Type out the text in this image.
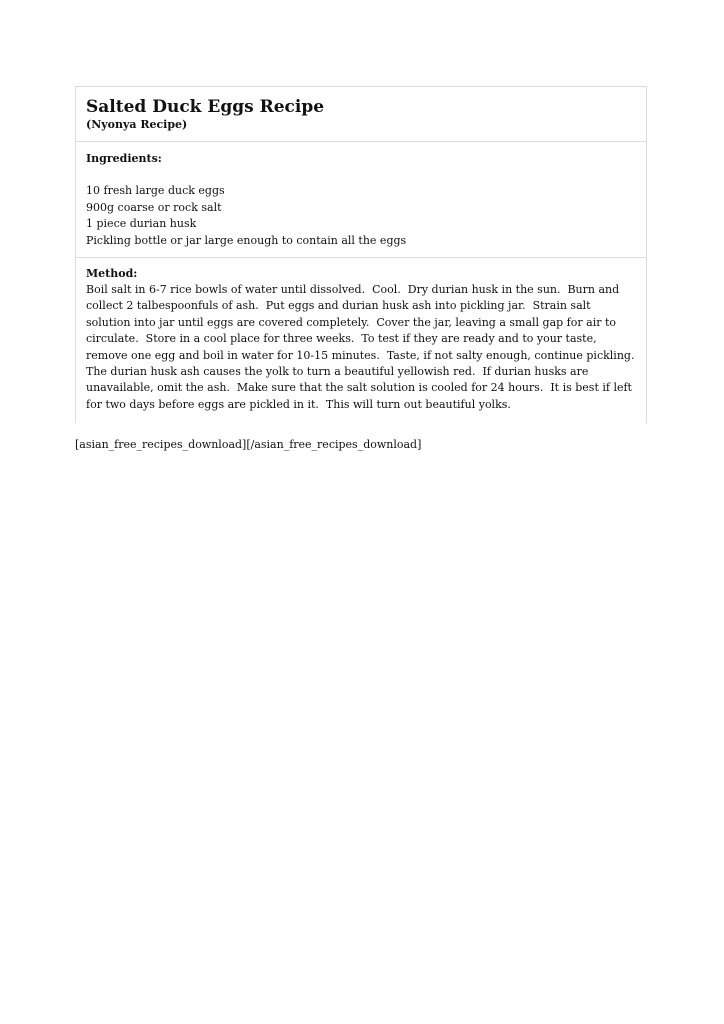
Salted Duck Eggs Recipe
(Nyonya Recipe)
Ingredients:
10 fresh large duck eggs
900g coarse or rock salt
1 piece durian husk
Pickling bottle or jar large enough to contain all the eggs
Method:

Boil salt in 6-7 rice bowls of water until dissolved.  Cool.  Dry durian husk in the sun.  Burn and collect 2 talbespoonfuls of ash.  Put eggs and durian husk ash into pickling jar.  Strain salt solution into jar until eggs are covered completely.  Cover the jar, leaving a small gap for air to circulate.  Store in a cool place for three weeks.  To test if they are ready and to your taste, remove one egg and boil in water for 10-15 minutes.  Taste, if not salty enough, continue pickling.  The durian husk ash causes the yolk to turn a beautiful yellowish red.  If durian husks are unavailable, omit the ash.  Make sure that the salt solution is cooled for 24 hours.  It is best if left for two days before eggs are pickled in it.  This will turn out beautiful yolks.

[asian_free_recipes_download][/asian_free_recipes_download]
